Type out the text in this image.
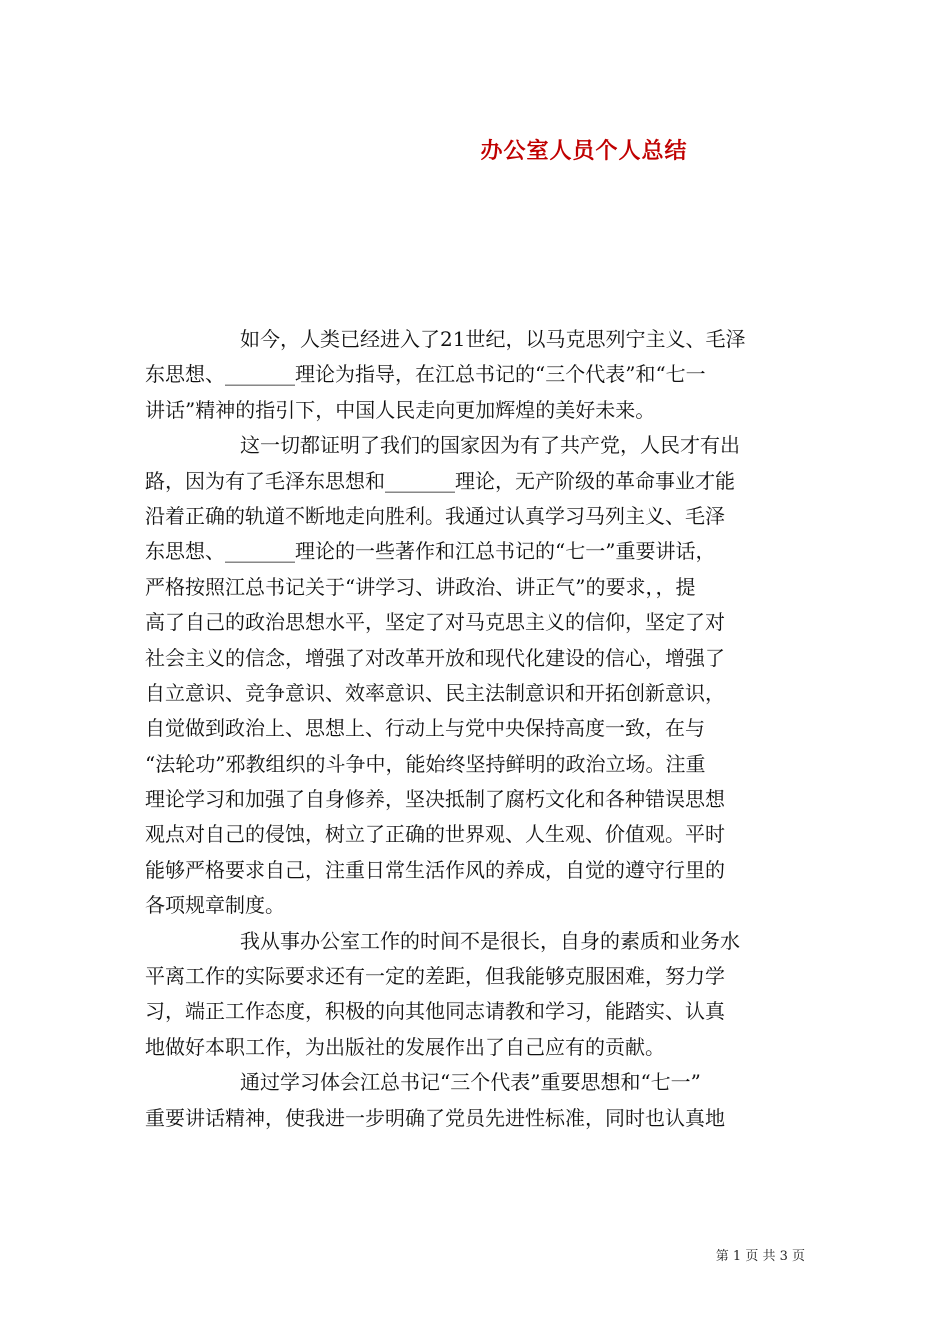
办公室人员个人总结
如今，人类已经进入了21世纪，以马克思列宁主义、毛泽
东思想、_______理论为指导，在江总书记的“三个代表”和“七一
讲话”精神的指引下，中国人民走向更加辉煌的美好未来。
这一切都证明了我们的国家因为有了共产党，人民才有出
路，因为有了毛泽东思想和_______理论，无产阶级的革命事业才能
沿着正确的轨道不断地走向胜利。我通过认真学习马列主义、毛泽
东思想、_______理论的一些著作和江总书记的“七一”重要讲话，
严格按照江总书记关于“讲学习、讲政治、讲正气”的要求，，提
高了自己的政治思想水平，坚定了对马克思主义的信仰，坚定了对
社会主义的信念，增强了对改革开放和现代化建设的信心，增强了
自立意识、竞争意识、效率意识、民主法制意识和开拓创新意识，
自觉做到政治上、思想上、行动上与党中央保持高度一致，在与
“法轮功”邪教组织的斗争中，能始终坚持鲜明的政治立场。注重
理论学习和加强了自身修养，坚决抵制了腐朽文化和各种错误思想
观点对自己的侵蚀，树立了正确的世界观、人生观、价值观。平时
能够严格要求自己，注重日常生活作风的养成，自觉的遵守行里的
各项规章制度。
我从事办公室工作的时间不是很长，自身的素质和业务水
平离工作的实际要求还有一定的差距，但我能够克服困难，努力学
习，端正工作态度，积极的向其他同志请教和学习，能踏实、认真
地做好本职工作，为出版社的发展作出了自己应有的贡献。
通过学习体会江总书记“三个代表”重要思想和“七一”
重要讲话精神，使我进一步明确了党员先进性标准，同时也认真地
第 1 页 共 3 页
